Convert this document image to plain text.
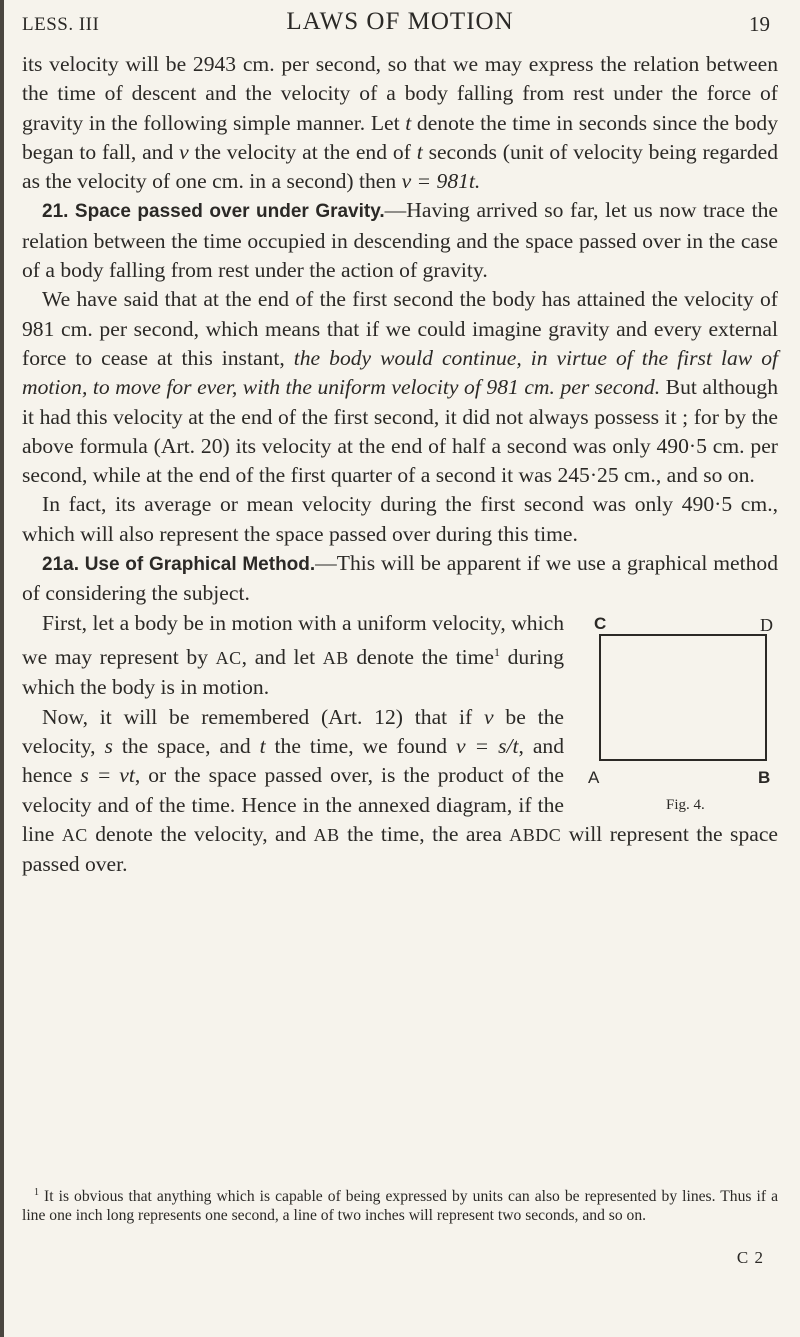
LESS. III	LAWS OF MOTION	19

its velocity will be 2943 cm. per second, so that we may express the relation between the time of descent and the velocity of a body falling from rest under the force of gravity in the following simple manner. Let t denote the time in seconds since the body began to fall, and v the velocity at the end of t seconds (unit of velocity being regarded as the velocity of one cm. in a second) then v = 981t.

21. Space passed over under Gravity.—Having arrived so far, let us now trace the relation between the time occupied in descending and the space passed over in the case of a body falling from rest under the action of gravity.

We have said that at the end of the first second the body has attained the velocity of 981 cm. per second, which means that if we could imagine gravity and every external force to cease at this instant, the body would continue, in virtue of the first law of motion, to move for ever, with the uniform velocity of 981 cm. per second. But although it had this velocity at the end of the first second, it did not always possess it ; for by the above formula (Art. 20) its velocity at the end of half a second was only 490·5 cm. per second, while at the end of the first quarter of a second it was 245·25 cm., and so on.

In fact, its average or mean velocity during the first second was only 490·5 cm., which will also represent the space passed over during this time.

21a. Use of Graphical Method.—This will be apparent if we use a graphical method of considering the subject.

C	D
A	B
Fig. 4.

First, let a body be in motion with a uniform velocity, which we may represent by AC, and let AB denote the time$^1$ during which the body is in motion.

Now, it will be remembered (Art. 12) that if v be the velocity, s the space, and t the time, we found v = s/t, and hence s = vt, or the space passed over, is the product of the velocity and of the time. Hence in the annexed diagram, if the line AC denote the velocity, and AB the time, the area ABDC will represent the space passed over.

$^1$ It is obvious that anything which is capable of being expressed by units can also be represented by lines. Thus if a line one inch long represents one second, a line of two inches will represent two seconds, and so on.

C 2
